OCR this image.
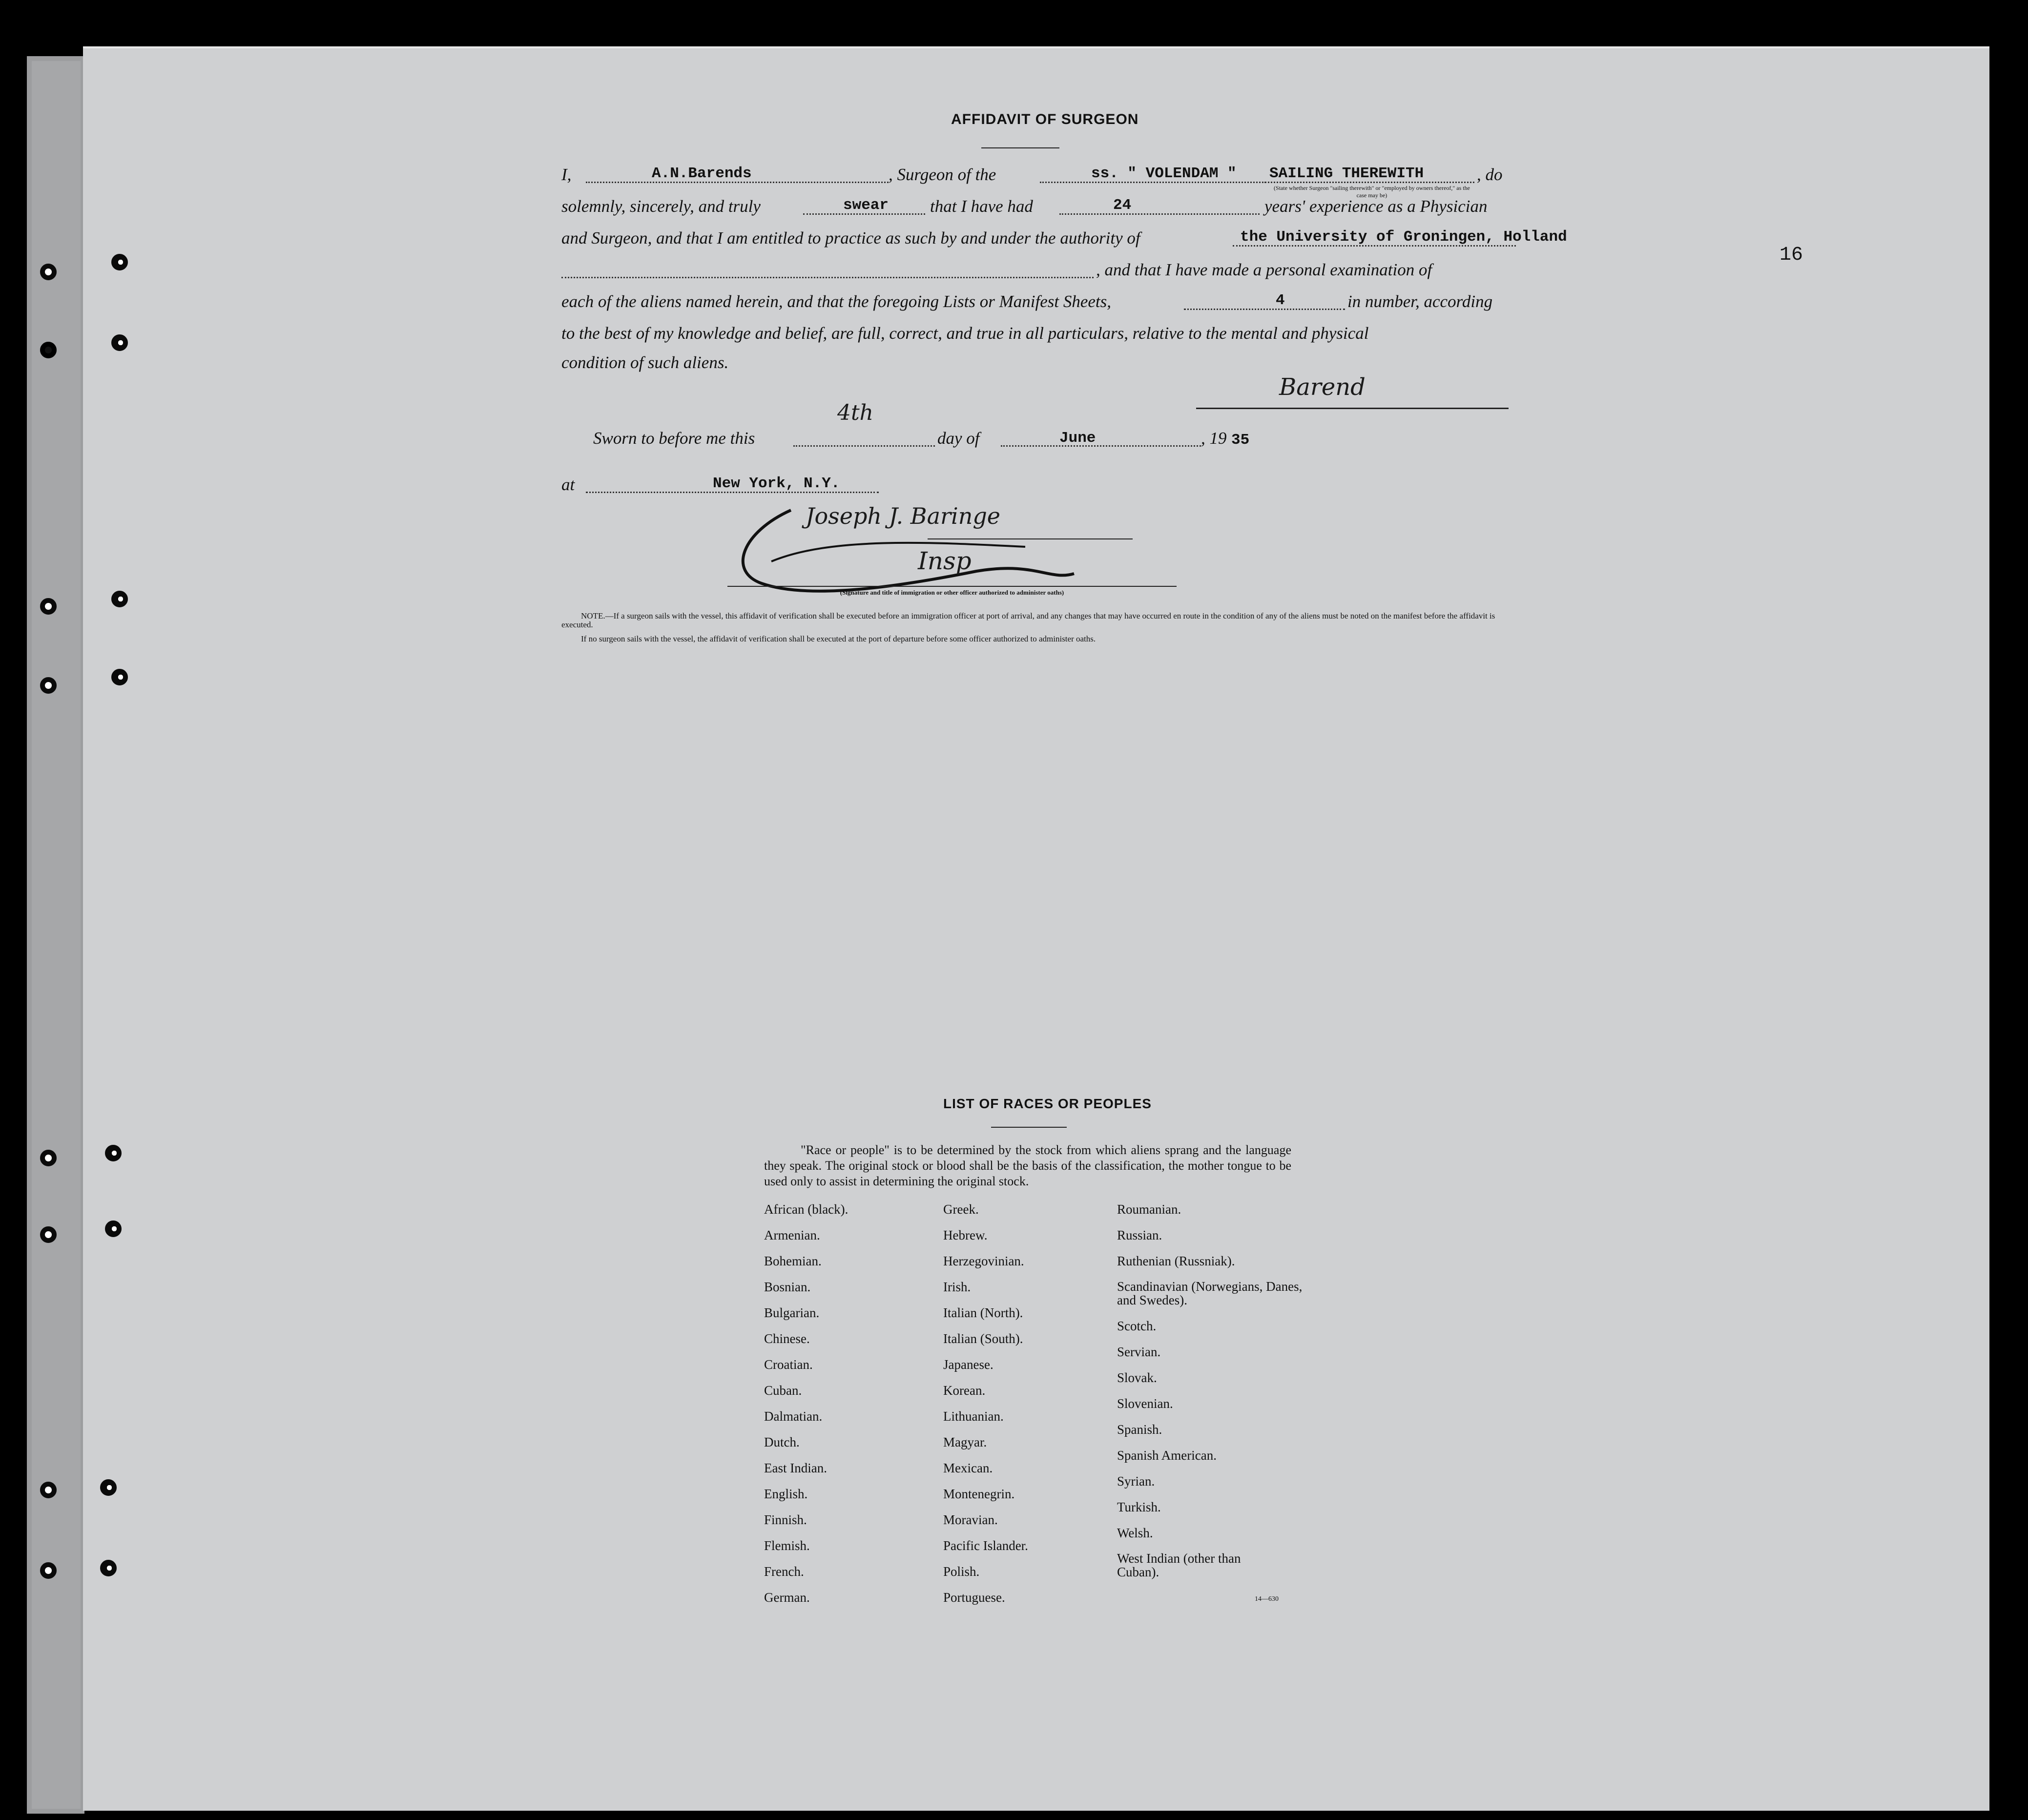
AFFIDAVIT OF SURGEON
I,	A.N.Barends	, Surgeon of the	ss. " VOLENDAM " SAILING THEREWITH	, do
(State whether Surgeon "sailing therewith" or "employed by owners thereof," as the case may be)
solemnly, sincerely, and truly	swear that I have had	24	years' experience as a Physician
and Surgeon, and that I am entitled to practice as such by and under the authority of	the University of Groningen, Holland
, and that I have made a personal examination of
each of the aliens named herein, and that the foregoing Lists or Manifest Sheets,	4	in number, according
to the best of my knowledge and belief, are full, correct, and true in all particulars, relative to the mental and physical
condition of such aliens.
Barend
Sworn to before me this
4th
day of	June	, 19 35
at	New York, N.Y.
Joseph J. Baringe
Insp
(Signature and title of immigration or other officer authorized to administer oaths)
NOTE.—If a surgeon sails with the vessel, this affidavit of verification shall be executed before an immigration officer at port of arrival, and any changes that may have occurred en route in the condition of any of the aliens must be noted on the manifest before the affidavit is executed.
If no surgeon sails with the vessel, the affidavit of verification shall be executed at the port of departure before some officer authorized to administer oaths.
16
LIST OF RACES OR PEOPLES
"Race or people" is to be determined by the stock from which aliens sprang and the language they speak. The original stock or blood shall be the basis of the classification, the mother tongue to be used only to assist in determining the original stock.
African (black).
Armenian.
Bohemian.
Bosnian.
Bulgarian.
Chinese.
Croatian.
Cuban.
Dalmatian.
Dutch.
East Indian.
English.
Finnish.
Flemish.
French.
German.
Greek.
Hebrew.
Herzegovinian.
Irish.
Italian (North).
Italian (South).
Japanese.
Korean.
Lithuanian.
Magyar.
Mexican.
Montenegrin.
Moravian.
Pacific Islander.
Polish.
Portuguese.
Roumanian.
Russian.
Ruthenian (Russniak).
Scandinavian (Norwegians, Danes, and Swedes).
Scotch.
Servian.
Slovak.
Slovenian.
Spanish.
Spanish American.
Syrian.
Turkish.
Welsh.
West Indian (other than Cuban).
14—630
